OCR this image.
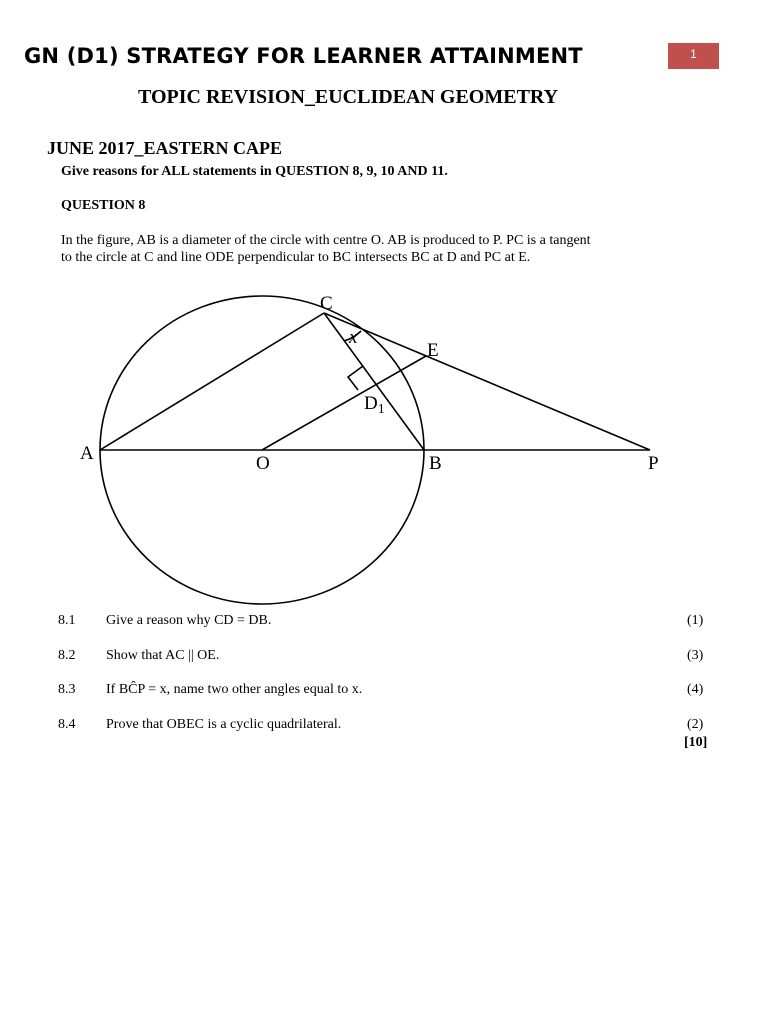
GN (D1) STRATEGY FOR LEARNER ATTAINMENT	1
TOPIC REVISION_EUCLIDEAN GEOMETRY
JUNE 2017_EASTERN CAPE
Give reasons for ALL statements in QUESTION 8, 9, 10 AND 11.
QUESTION 8
In the figure, AB is a diameter of the circle with centre O. AB is produced to P. PC is a tangent
to the circle at C and line ODE perpendicular to BC intersects BC at D and PC at E.
A	O	B	P
C
E
$D_1$
x
8.1 Give a reason why CD = DB.	(1)
8.2 Show that AC || OE.	(3)
8.3 If BĈP = x, name two other angles equal to x.	(4)
8.4 Prove that OBEC is a cyclic quadrilateral.	(2)
[10]
